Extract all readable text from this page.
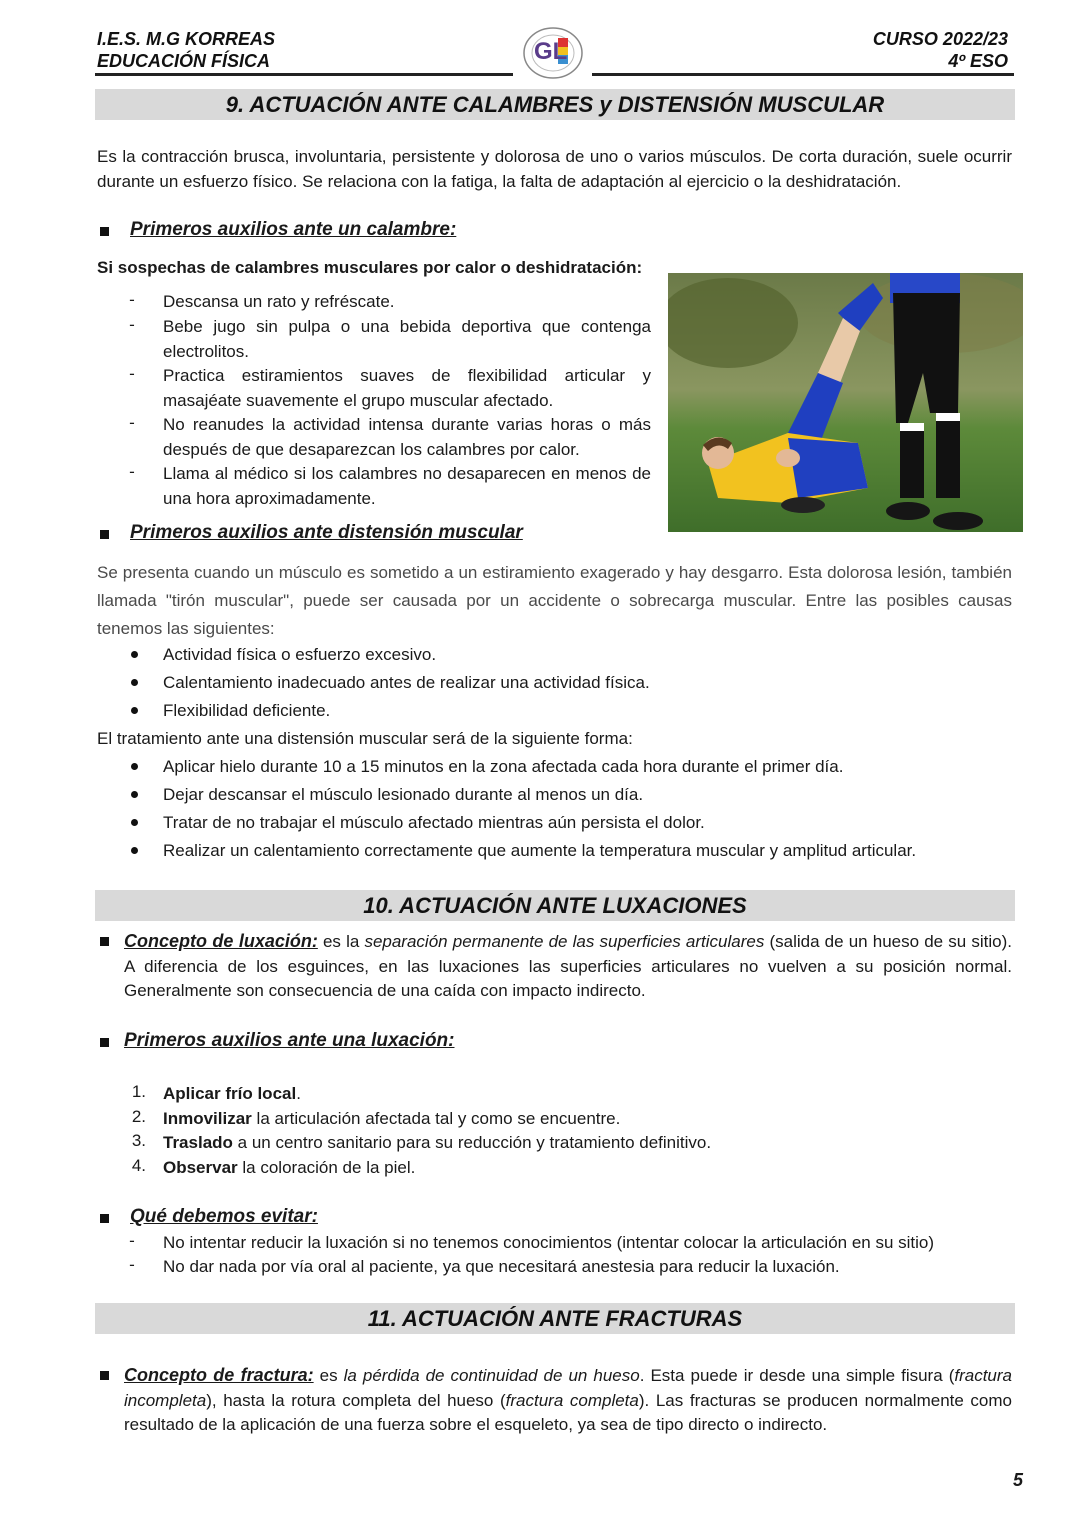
I.E.S. M.G KORREAS
EDUCACIÓN FÍSICA
CURSO 2022/23
4º ESO
GL
9. ACTUACIÓN ANTE CALAMBRES y DISTENSIÓN MUSCULAR
Es la contracción brusca, involuntaria, persistente y dolorosa de uno o varios músculos. De corta duración, suele ocurrir durante un esfuerzo físico. Se relaciona con la fatiga, la falta de adaptación al ejercicio o la deshidratación.
Primeros auxilios ante un calambre:
Si sospechas de calambres musculares por calor o deshidratación:
- Descansa un rato y refréscate.
- Bebe jugo sin pulpa o una bebida deportiva que contenga electrolitos.
- Practica estiramientos suaves de flexibilidad articular y masajéate suavemente el grupo muscular afectado.
- No reanudes la actividad intensa durante varias horas o más después de que desaparezcan los calambres por calor.
- Llama al médico si los calambres no desaparecen en menos de una hora aproximadamente.
Primeros auxilios ante distensión muscular
Se presenta cuando un músculo es sometido a un estiramiento exagerado y hay desgarro. Esta dolorosa lesión, también llamada "tirón muscular", puede ser causada por un accidente o sobrecarga muscular. Entre las posibles causas tenemos las siguientes:
Actividad física o esfuerzo excesivo.
Calentamiento inadecuado antes de realizar una actividad física.
Flexibilidad deficiente.
El tratamiento ante una distensión muscular será de la siguiente forma:
Aplicar hielo durante 10 a 15 minutos en la zona afectada cada hora durante el primer día.
Dejar descansar el músculo lesionado durante al menos un día.
Tratar de no trabajar el músculo afectado mientras aún persista el dolor.
Realizar un calentamiento correctamente que aumente la temperatura muscular y amplitud articular.
10. ACTUACIÓN ANTE LUXACIONES
Concepto de luxación: es la separación permanente de las superficies articulares (salida de un hueso de su sitio). A diferencia de los esguinces, en las luxaciones las superficies articulares no vuelven a su posición normal. Generalmente son consecuencia de una caída con impacto indirecto.
Primeros auxilios ante una luxación:
1. Aplicar frío local.
2. Inmovilizar la articulación afectada tal y como se encuentre.
3. Traslado a un centro sanitario para su reducción y tratamiento definitivo.
4. Observar la coloración de la piel.
Qué debemos evitar:
- No intentar reducir la luxación si no tenemos conocimientos (intentar colocar la articulación en su sitio)
- No dar nada por vía oral al paciente, ya que necesitará anestesia para reducir la luxación.
11. ACTUACIÓN ANTE FRACTURAS
Concepto de fractura: es la pérdida de continuidad de un hueso. Esta puede ir desde una simple fisura (fractura incompleta), hasta la rotura completa del hueso (fractura completa). Las fracturas se producen normalmente como resultado de la aplicación de una fuerza sobre el esqueleto, ya sea de tipo directo o indirecto.
5
